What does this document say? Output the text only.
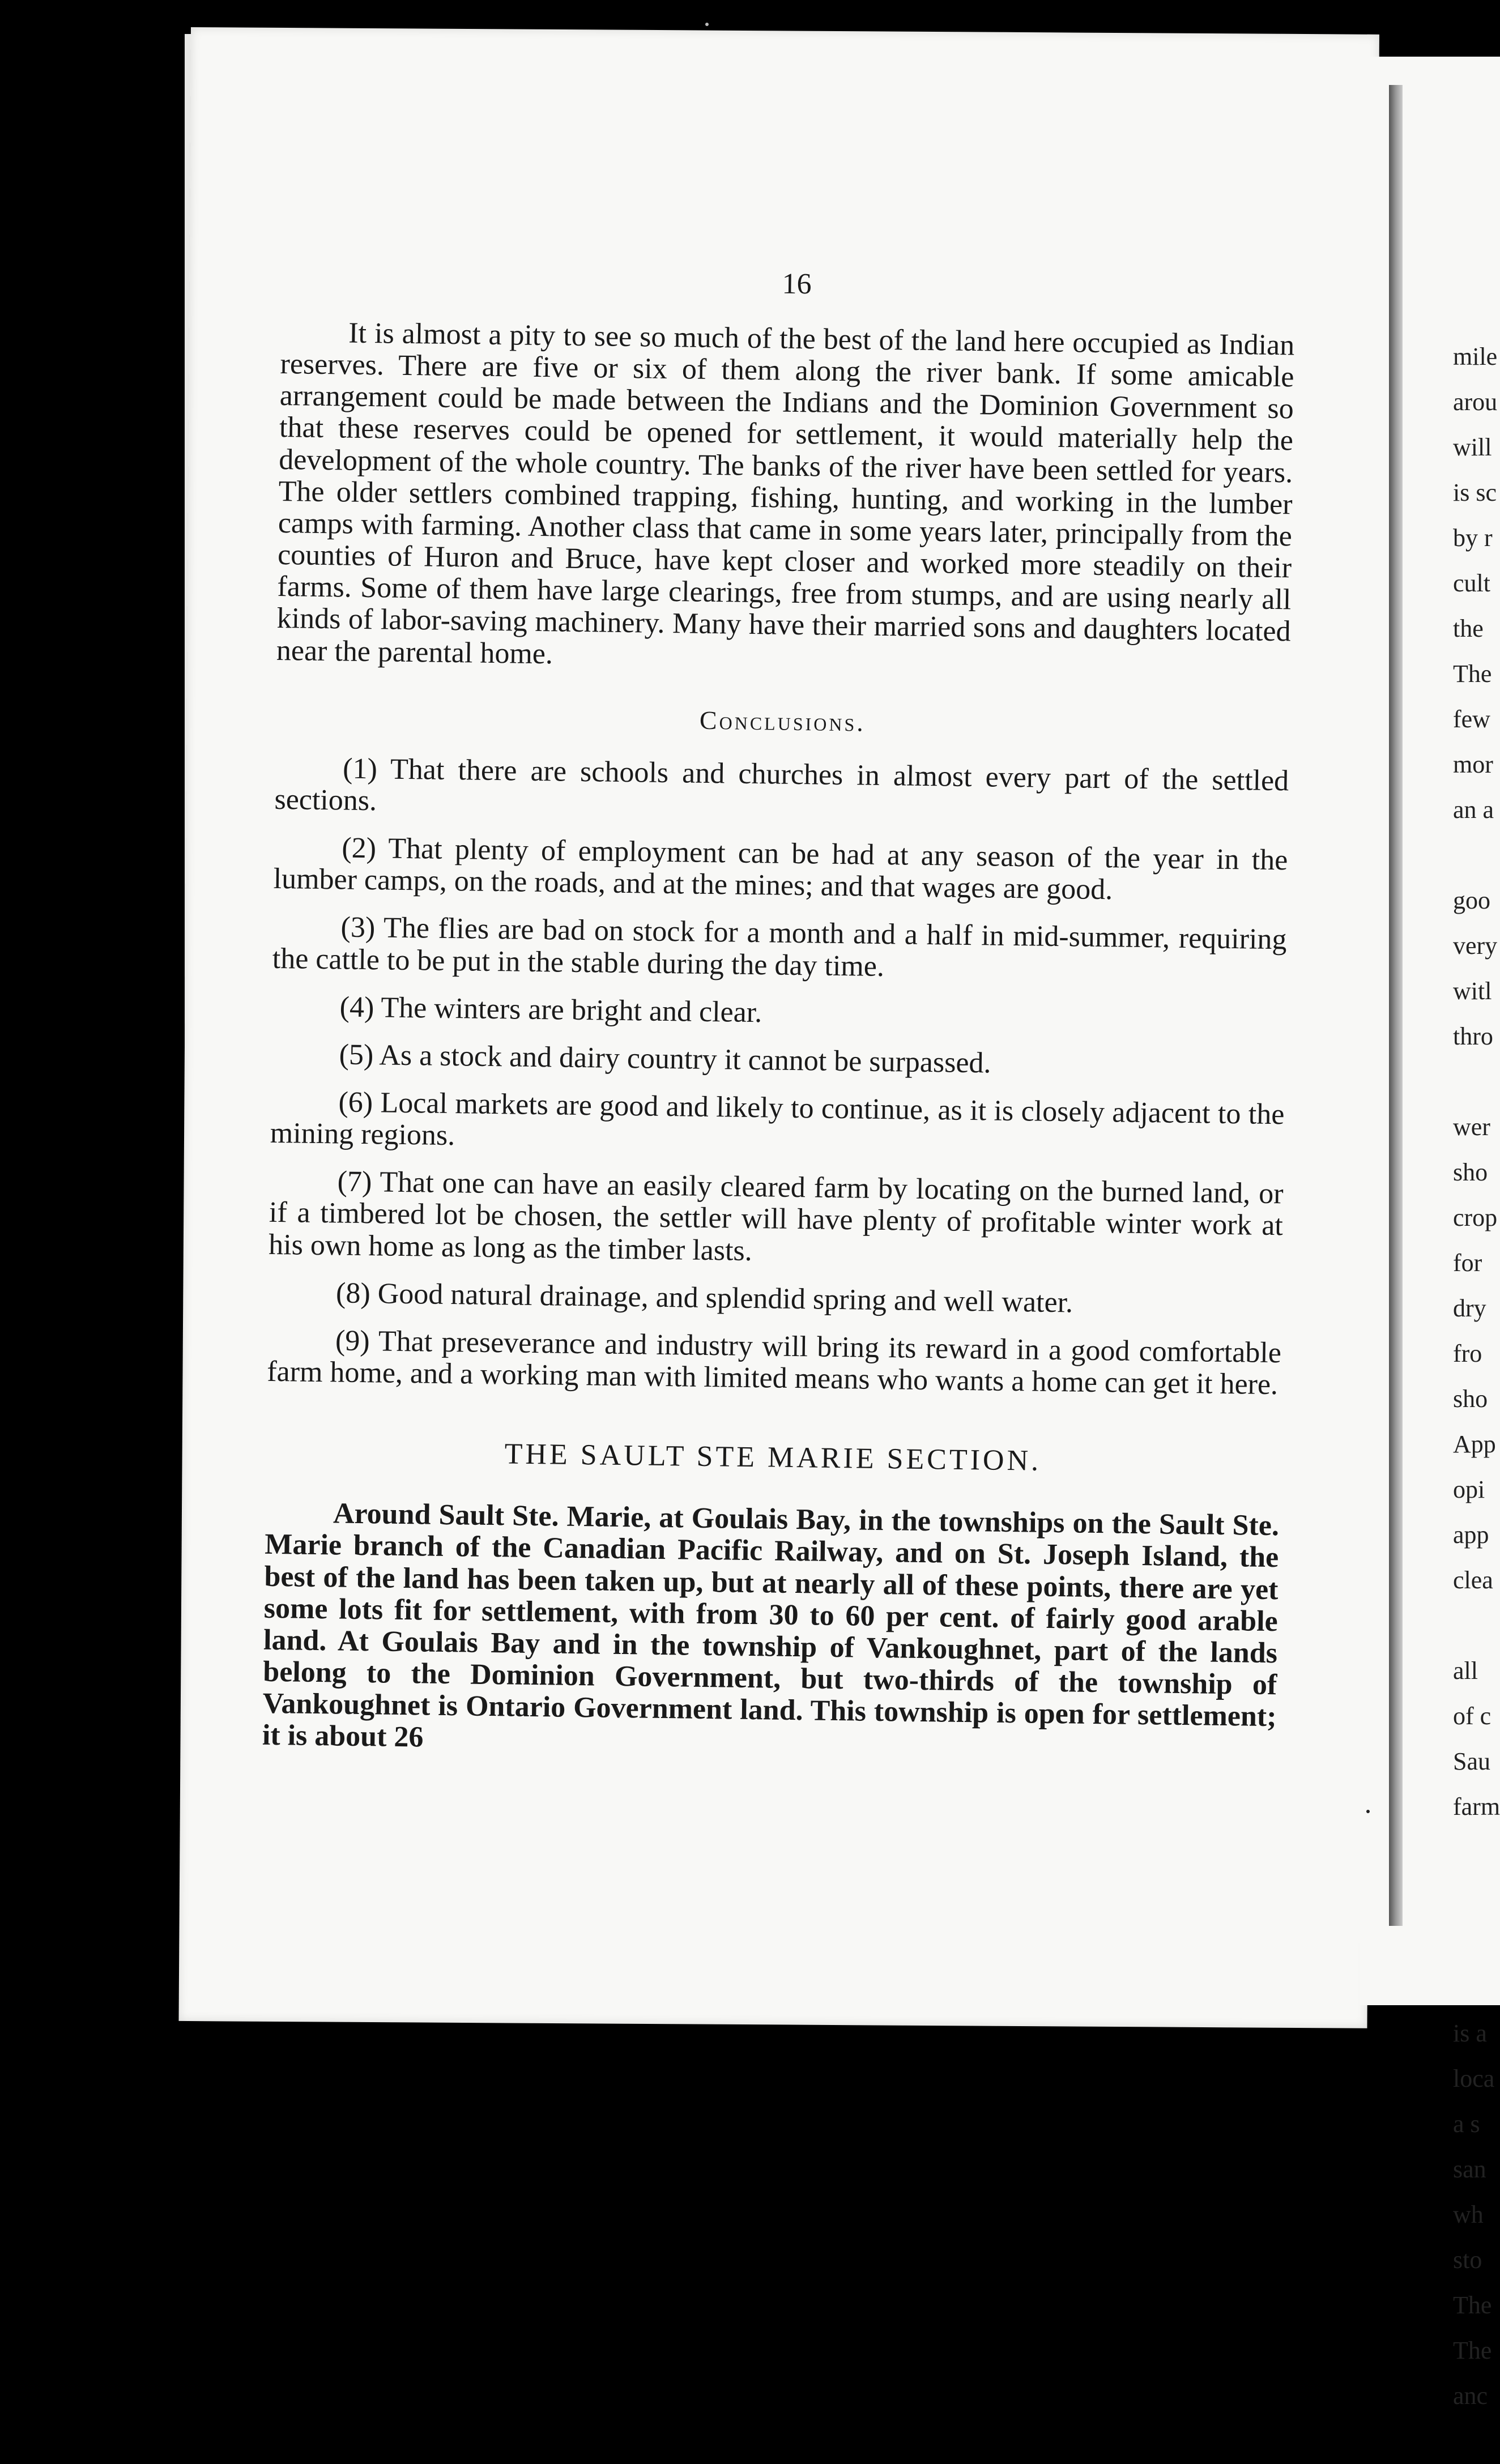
16

It is almost a pity to see so much of the best of the land here occupied as Indian reserves. There are five or six of them along the river bank. If some amicable arrangement could be made between the Indians and the Dominion Government so that these reserves could be opened for settlement, it would materially help the development of the whole country. The banks of the river have been settled for years. The older settlers combined trapping, fishing, hunting, and working in the lumber camps with farming. Another class that came in some years later, principally from the counties of Huron and Bruce, have kept closer and worked more steadily on their farms. Some of them have large clearings, free from stumps, and are using nearly all kinds of labor-saving machinery. Many have their married sons and daughters located near the parental home.

Conclusions.

(1) That there are schools and churches in almost every part of the settled sections.

(2) That plenty of employment can be had at any season of the year in the lumber camps, on the roads, and at the mines; and that wages are good.

(3) The flies are bad on stock for a month and a half in mid-summer, requiring the cattle to be put in the stable during the day time.

(4) The winters are bright and clear.

(5) As a stock and dairy country it cannot be surpassed.

(6) Local markets are good and likely to continue, as it is closely adjacent to the mining regions.

(7) That one can have an easily cleared farm by locating on the burned land, or if a timbered lot be chosen, the settler will have plenty of profitable winter work at his own home as long as the timber lasts.

(8) Good natural drainage, and splendid spring and well water.

(9) That preseverance and industry will bring its reward in a good comfortable farm home, and a working man with limited means who wants a home can get it here.

THE SAULT STE MARIE SECTION.

Around Sault Ste. Marie, at Goulais Bay, in the townships on the Sault Ste. Marie branch of the Canadian Pacific Railway, and on St. Joseph Island, the best of the land has been taken up, but at nearly all of these points, there are yet some lots fit for settlement, with from 30 to 60 per cent. of fairly good arable land. At Goulais Bay and in the township of Vankoughnet, part of the lands belong to the Dominion Government, but two-thirds of the township of Vankoughnet is Ontario Government land. This township is open for settlement; it is about 26

mile
arou
will
is sc
by r
cult
the
The
few
mor
an a
goo
very
witl
thro
wer
sho
crop
for
dry
fro
sho
App
opi
app
clea
all
of c
Sau
farm
is a
loca
a s
san
wh
sto
The
The
anc
